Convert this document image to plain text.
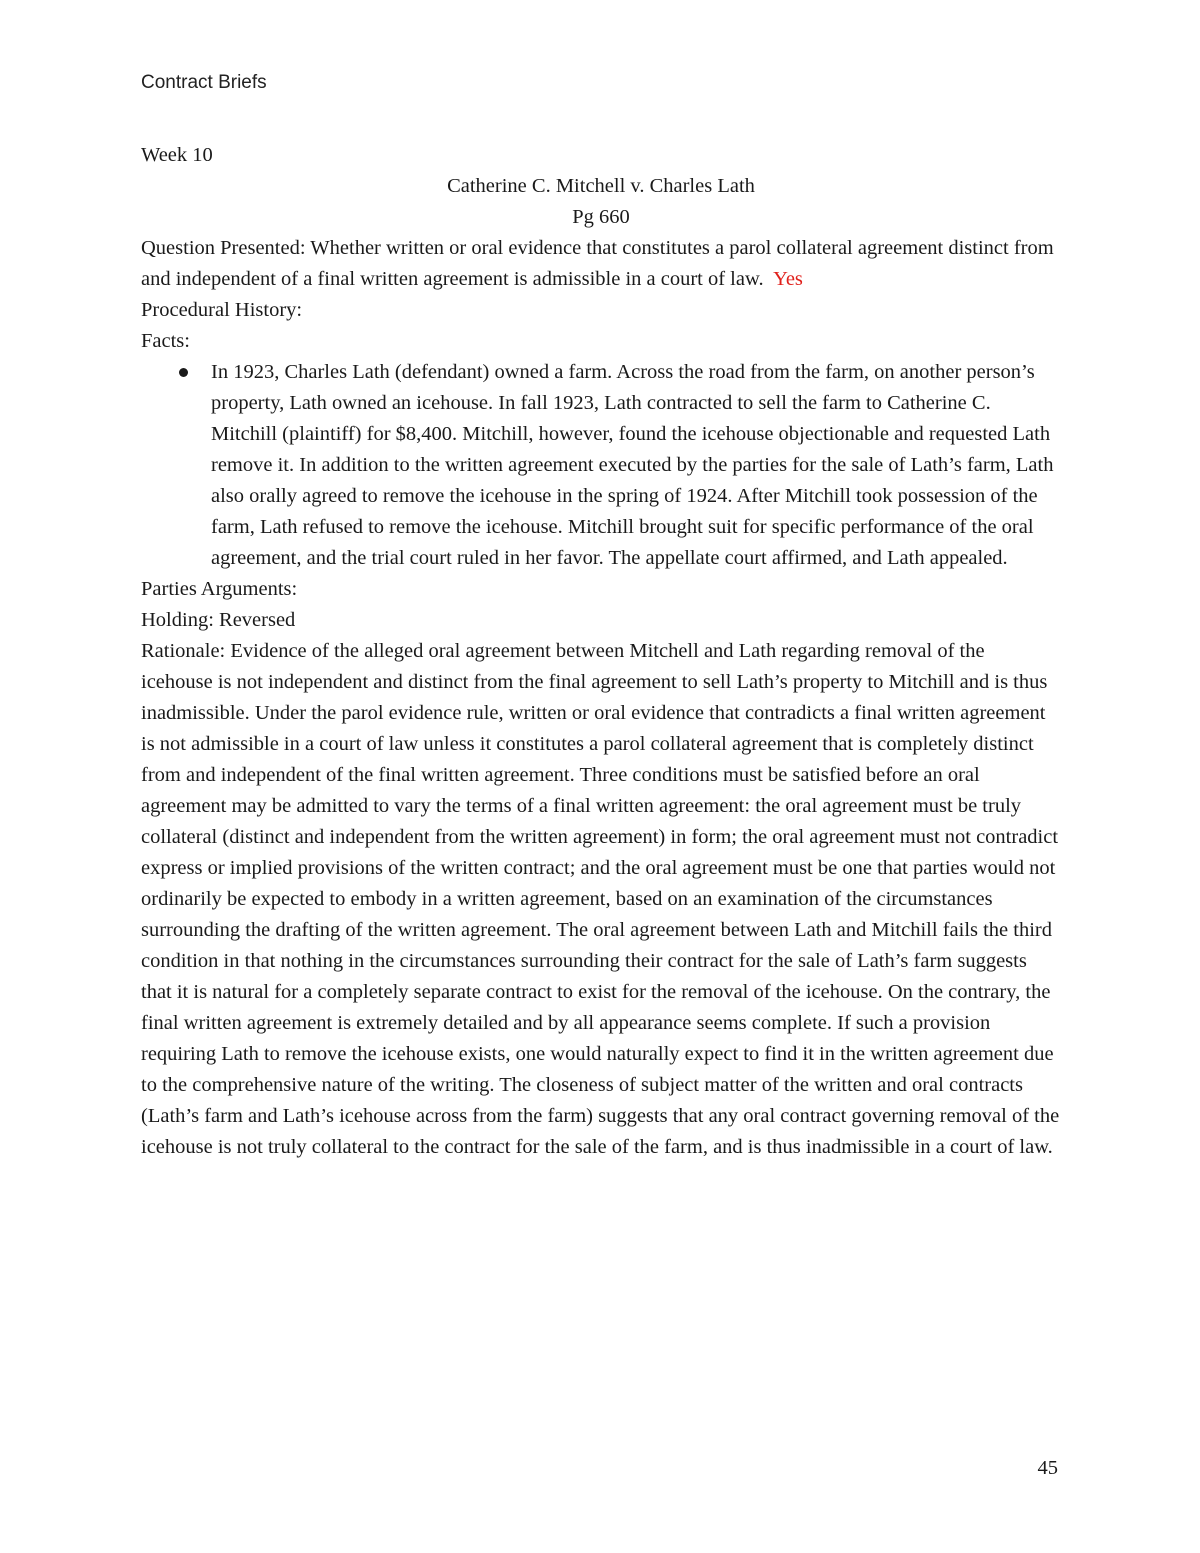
Contract Briefs

Week 10

Catherine C. Mitchell v. Charles Lath

Pg 660

Question Presented: Whether written or oral evidence that constitutes a parol collateral agreement distinct from and independent of a final written agreement is admissible in a court of law. Yes

Procedural History:

Facts:

In 1923, Charles Lath (defendant) owned a farm. Across the road from the farm, on another person’s property, Lath owned an icehouse. In fall 1923, Lath contracted to sell the farm to Catherine C. Mitchill (plaintiff) for $8,400. Mitchill, however, found the icehouse objectionable and requested Lath remove it. In addition to the written agreement executed by the parties for the sale of Lath’s farm, Lath also orally agreed to remove the icehouse in the spring of 1924. After Mitchill took possession of the farm, Lath refused to remove the icehouse. Mitchill brought suit for specific performance of the oral agreement, and the trial court ruled in her favor. The appellate court affirmed, and Lath appealed.

Parties Arguments:

Holding: Reversed

Rationale: Evidence of the alleged oral agreement between Mitchell and Lath regarding removal of the icehouse is not independent and distinct from the final agreement to sell Lath’s property to Mitchill and is thus inadmissible. Under the parol evidence rule, written or oral evidence that contradicts a final written agreement is not admissible in a court of law unless it constitutes a parol collateral agreement that is completely distinct from and independent of the final written agreement. Three conditions must be satisfied before an oral agreement may be admitted to vary the terms of a final written agreement: the oral agreement must be truly collateral (distinct and independent from the written agreement) in form; the oral agreement must not contradict express or implied provisions of the written contract; and the oral agreement must be one that parties would not ordinarily be expected to embody in a written agreement, based on an examination of the circumstances surrounding the drafting of the written agreement. The oral agreement between Lath and Mitchill fails the third condition in that nothing in the circumstances surrounding their contract for the sale of Lath’s farm suggests that it is natural for a completely separate contract to exist for the removal of the icehouse. On the contrary, the final written agreement is extremely detailed and by all appearance seems complete. If such a provision requiring Lath to remove the icehouse exists, one would naturally expect to find it in the written agreement due to the comprehensive nature of the writing. The closeness of subject matter of the written and oral contracts (Lath’s farm and Lath’s icehouse across from the farm) suggests that any oral contract governing removal of the icehouse is not truly collateral to the contract for the sale of the farm, and is thus inadmissible in a court of law.

45
